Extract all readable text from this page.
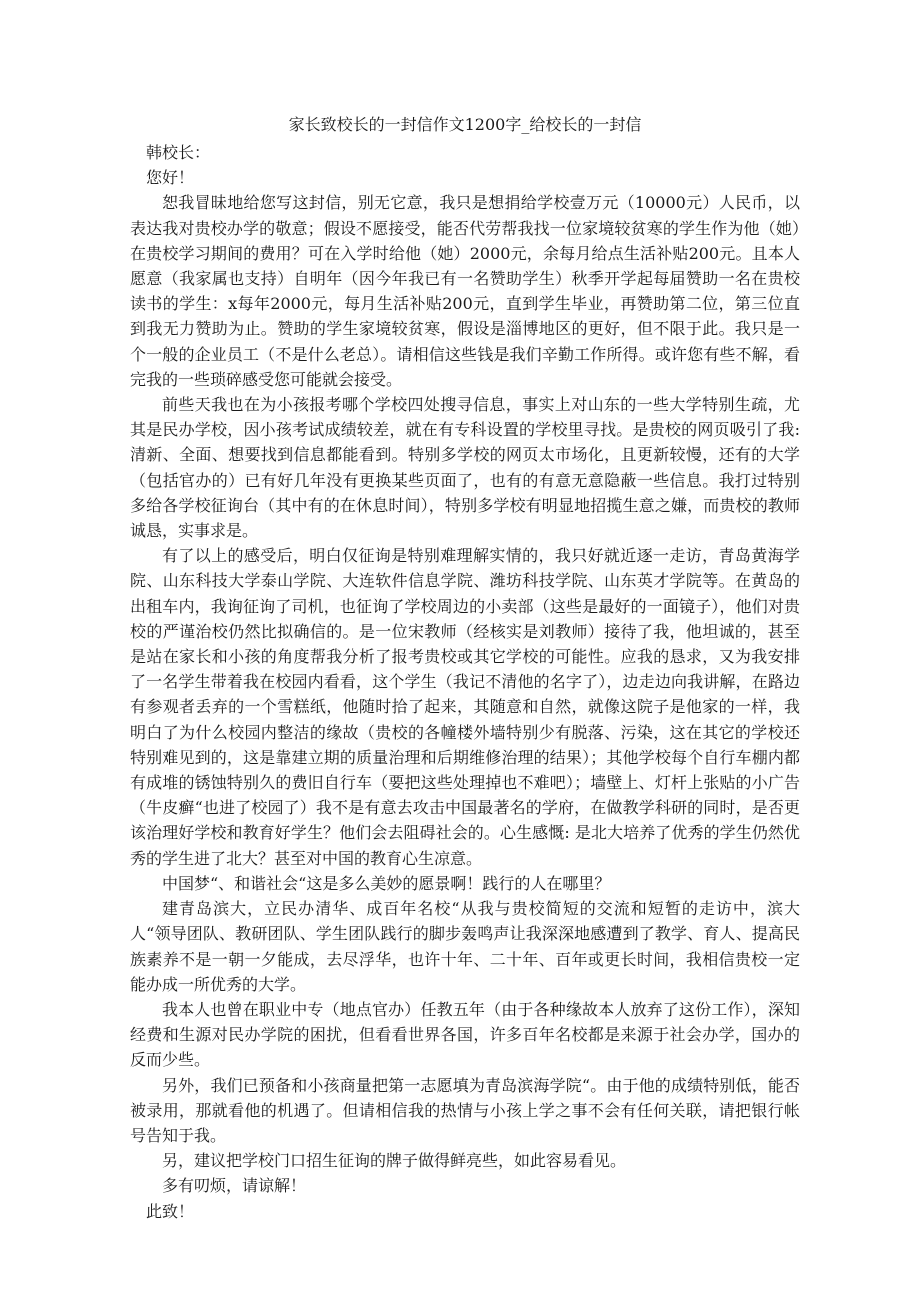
家长致校长的一封信作文1200字_给校长的一封信

韩校长：

您好！

恕我冒昧地给您写这封信，别无它意，我只是想捐给学校壹万元（10000元）人民币，以表达我对贵校办学的敬意；假设不愿接受，能否代劳帮我找一位家境较贫寒的学生作为他（她）在贵校学习期间的费用？可在入学时给他（她）2000元，余每月给点生活补贴200元。且本人愿意（我家属也支持）自明年（因今年我已有一名赞助学生）秋季开学起每届赞助一名在贵校读书的学生：x每年2000元，每月生活补贴200元，直到学生毕业，再赞助第二位，第三位直到我无力赞助为止。赞助的学生家境较贫寒，假设是淄博地区的更好，但不限于此。我只是一个一般的企业员工（不是什么老总）。请相信这些钱是我们辛勤工作所得。或许您有些不解，看完我的一些琐碎感受您可能就会接受。

前些天我也在为小孩报考哪个学校四处搜寻信息，事实上对山东的一些大学特别生疏，尤其是民办学校，因小孩考试成绩较差，就在有专科设置的学校里寻找。是贵校的网页吸引了我: 清新、全面、想要找到信息都能看到。特别多学校的网页太市场化，且更新较慢，还有的大学（包括官办的）已有好几年没有更换某些页面了，也有的有意无意隐蔽一些信息。我打过特别多给各学校征询台（其中有的在休息时间），特别多学校有明显地招揽生意之嫌，而贵校的教师诚恳，实事求是。

有了以上的感受后，明白仅征询是特别难理解实情的，我只好就近逐一走访，青岛黄海学院、山东科技大学泰山学院、大连软件信息学院、潍坊科技学院、山东英才学院等。在黄岛的出租车内，我询征询了司机，也征询了学校周边的小卖部（这些是最好的一面镜子），他们对贵校的严谨治校仍然比拟确信的。是一位宋教师（经核实是刘教师）接待了我，他坦诚的，甚至是站在家长和小孩的角度帮我分析了报考贵校或其它学校的可能性。应我的恳求，又为我安排了一名学生带着我在校园内看看，这个学生（我记不清他的名字了），边走边向我讲解，在路边有参观者丢弃的一个雪糕纸，他随时拾了起来，其随意和自然，就像这院子是他家的一样，我明白了为什么校园内整洁的缘故（贵校的各幢楼外墙特别少有脱落、污染，这在其它的学校还特别难见到的，这是靠建立期的质量治理和后期维修治理的结果）；其他学校每个自行车棚内都有成堆的锈蚀特别久的费旧自行车（要把这些处理掉也不难吧）；墙壁上、灯杆上张贴的小广告（牛皮癣“也进了校园了）我不是有意去攻击中国最著名的学府，在做教学科研的同时，是否更该治理好学校和教育好学生？他们会去阻碍社会的。心生感慨: 是北大培养了优秀的学生仍然优秀的学生进了北大？甚至对中国的教育心生凉意。

中国梦“、和谐社会“这是多么美妙的愿景啊！践行的人在哪里？

建青岛滨大，立民办清华、成百年名校“从我与贵校简短的交流和短暂的走访中，滨大人“领导团队、教研团队、学生团队践行的脚步轰鸣声让我深深地感遭到了教学、育人、提高民族素养不是一朝一夕能成，去尽浮华，也许十年、二十年、百年或更长时间，我相信贵校一定能办成一所优秀的大学。

我本人也曾在职业中专（地点官办）任教五年（由于各种缘故本人放弃了这份工作），深知经费和生源对民办学院的困扰，但看看世界各国，许多百年名校都是来源于社会办学，国办的反而少些。

另外，我们已预备和小孩商量把第一志愿填为青岛滨海学院“。由于他的成绩特别低，能否被录用，那就看他的机遇了。但请相信我的热情与小孩上学之事不会有任何关联，请把银行帐号告知于我。

另，建议把学校门口招生征询的牌子做得鲜亮些，如此容易看见。

多有叨烦，请谅解！

此致！
